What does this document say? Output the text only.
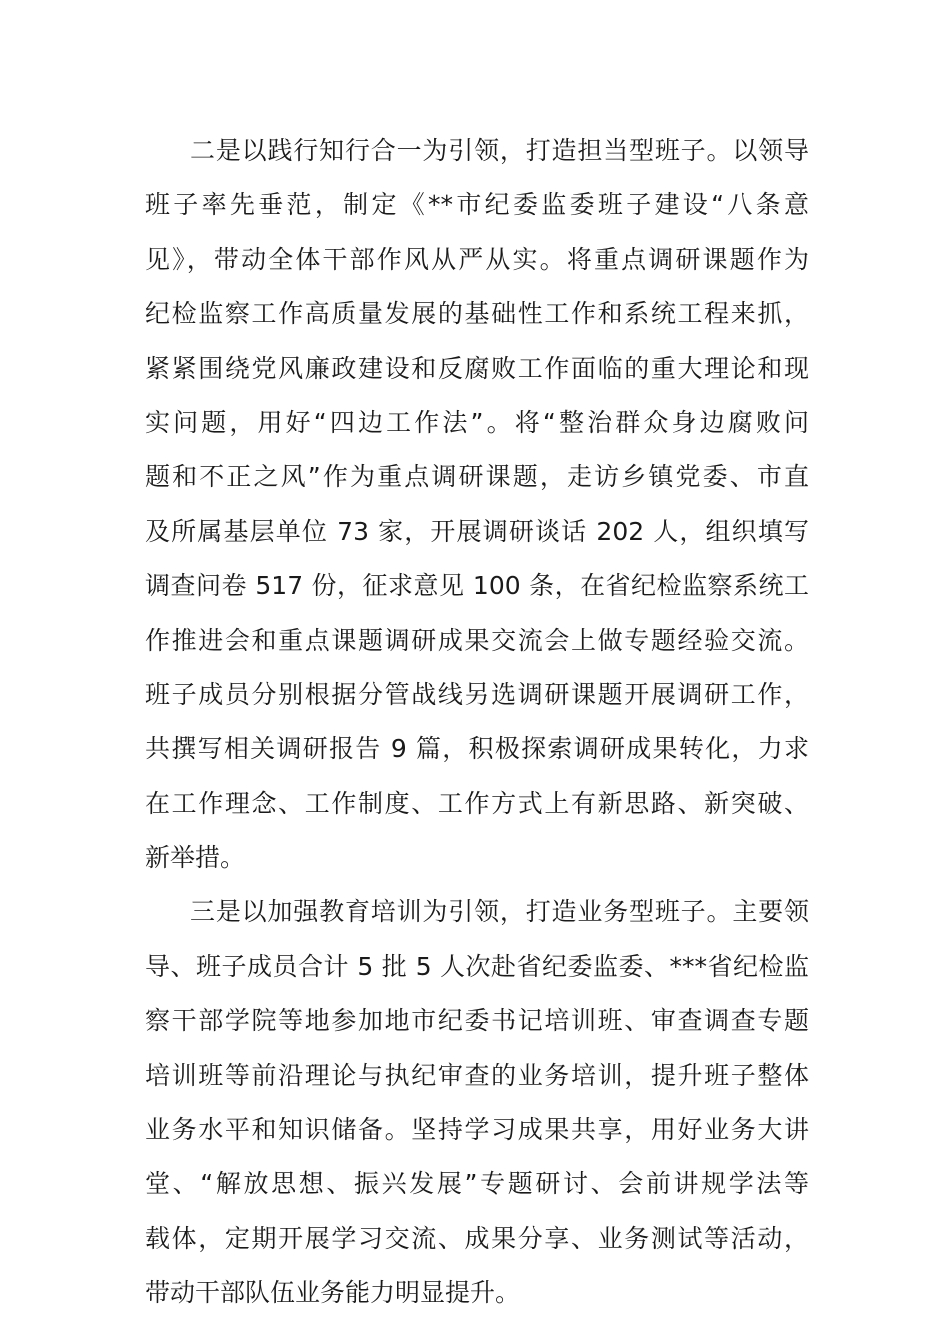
二是以践行知行合一为引领，打造担当型班子。以领导
班子率先垂范，制定《**市纪委监委班子建设“八条意
见》，带动全体干部作风从严从实。将重点调研课题作为
纪检监察工作高质量发展的基础性工作和系统工程来抓，
紧紧围绕党风廉政建设和反腐败工作面临的重大理论和现
实问题，用好“四边工作法”。将“整治群众身边腐败问
题和不正之风”作为重点调研课题，走访乡镇党委、市直
及所属基层单位 73 家，开展调研谈话 202 人，组织填写
调查问卷 517 份，征求意见 100 条，在省纪检监察系统工
作推进会和重点课题调研成果交流会上做专题经验交流。
班子成员分别根据分管战线另选调研课题开展调研工作，
共撰写相关调研报告 9 篇，积极探索调研成果转化，力求
在工作理念、工作制度、工作方式上有新思路、新突破、
新举措。
三是以加强教育培训为引领，打造业务型班子。主要领
导、班子成员合计 5 批 5 人次赴省纪委监委、***省纪检监
察干部学院等地参加地市纪委书记培训班、审查调查专题
培训班等前沿理论与执纪审查的业务培训，提升班子整体
业务水平和知识储备。坚持学习成果共享，用好业务大讲
堂、“解放思想、振兴发展”专题研讨、会前讲规学法等
载体，定期开展学习交流、成果分享、业务测试等活动，
带动干部队伍业务能力明显提升。
